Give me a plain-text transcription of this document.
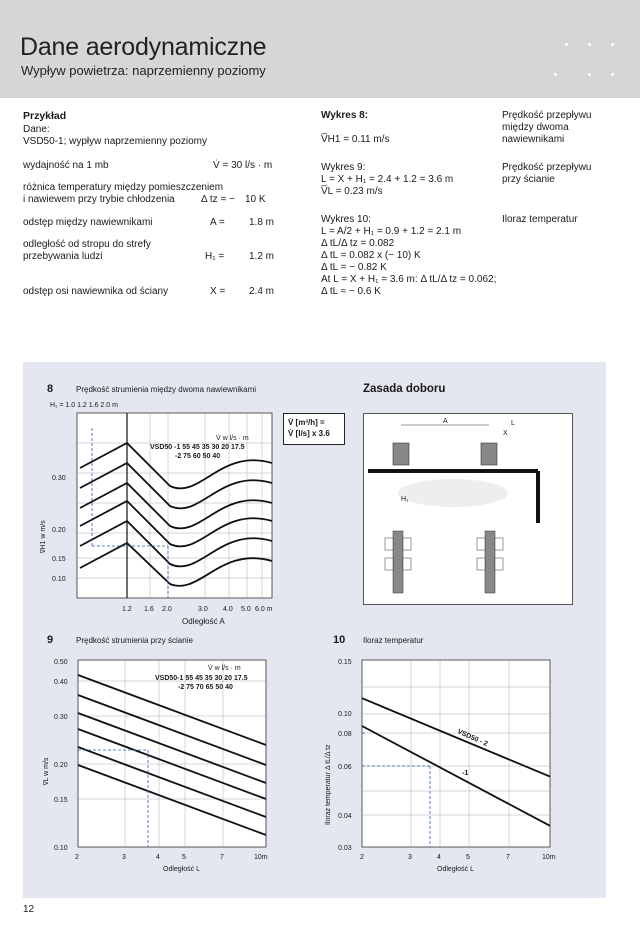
Dane aerodynamiczne
Wypływ powietrza: naprzemienny poziomy
Przykład
Dane:
VSD50-1; wypływ naprzemienny poziomy
wydajność na 1 mb	V̇ = 30 l/s · m
różnica temperatury między pomieszczeniem
i nawiewem przy trybie chłodzenia	Δ tz = − 10 K
odstęp między nawiewnikami	A = 1.8 m
odległość od stropu do strefy
przebywania ludzi	H₁ = 1.2 m
odstęp osi nawiewnika od ściany	X = 2.4 m
Wykres 8:
V̅H1 = 0.11 m/s
Wykres 9:
L = X + H₁ = 2.4 + 1.2 = 3.6 m
V̅L = 0.23 m/s
Wykres 10:
L = A/2 + H₁ = 0.9 + 1.2 = 2.1 m
Δ tL/Δ tz = 0.082
Δ tL = 0.082 x (− 10) K
Δ tL = − 0.82 K
At L = X + H₁ = 3.6 m: Δ tL/Δ tz = 0.062;
Δ tL ≈ − 0.6 K
Prędkość przepływu
między dwoma
nawiewnikami
Prędkość przepływu
przy ścianie
Iloraz temperatur
8	Prędkość strumienia między dwoma nawiewnikami
H₁ = 1.0 1.2 1.6 2.0 m
Zasada doboru
V̇ [m³/h] =
V̇ [l/s] x 3.6
0.20
0.30
0.15
0.10
1.2 1.6 2.0	3.0 4.0 5.0 6.0 m
V̇ w l/s · m
VSD50 -1 55 45 35 30 20 17.5
-2 75 60 50 40
v̅H1 w m/s
Odległość A
A	L
X
H₁
9	Prędkość strumienia przy ścianie
0.50
0.40
0.30
0.20
0.15
0.10
2	3	4	5	7	10m
V̇ w l/s · m
VSD50-1 55 45 35 30 20 17.5
-2 75 70 65 50 40
v̅L w m/s
Odległość L
10 Iloraz temperatur
0.15
0.10
0.08
0.06
0.04
0.03
2	3	4	5	7	10m
VSD50 - 2
-1
Iloraz temperatur Δ tL/Δ tz
Odległość L
12
